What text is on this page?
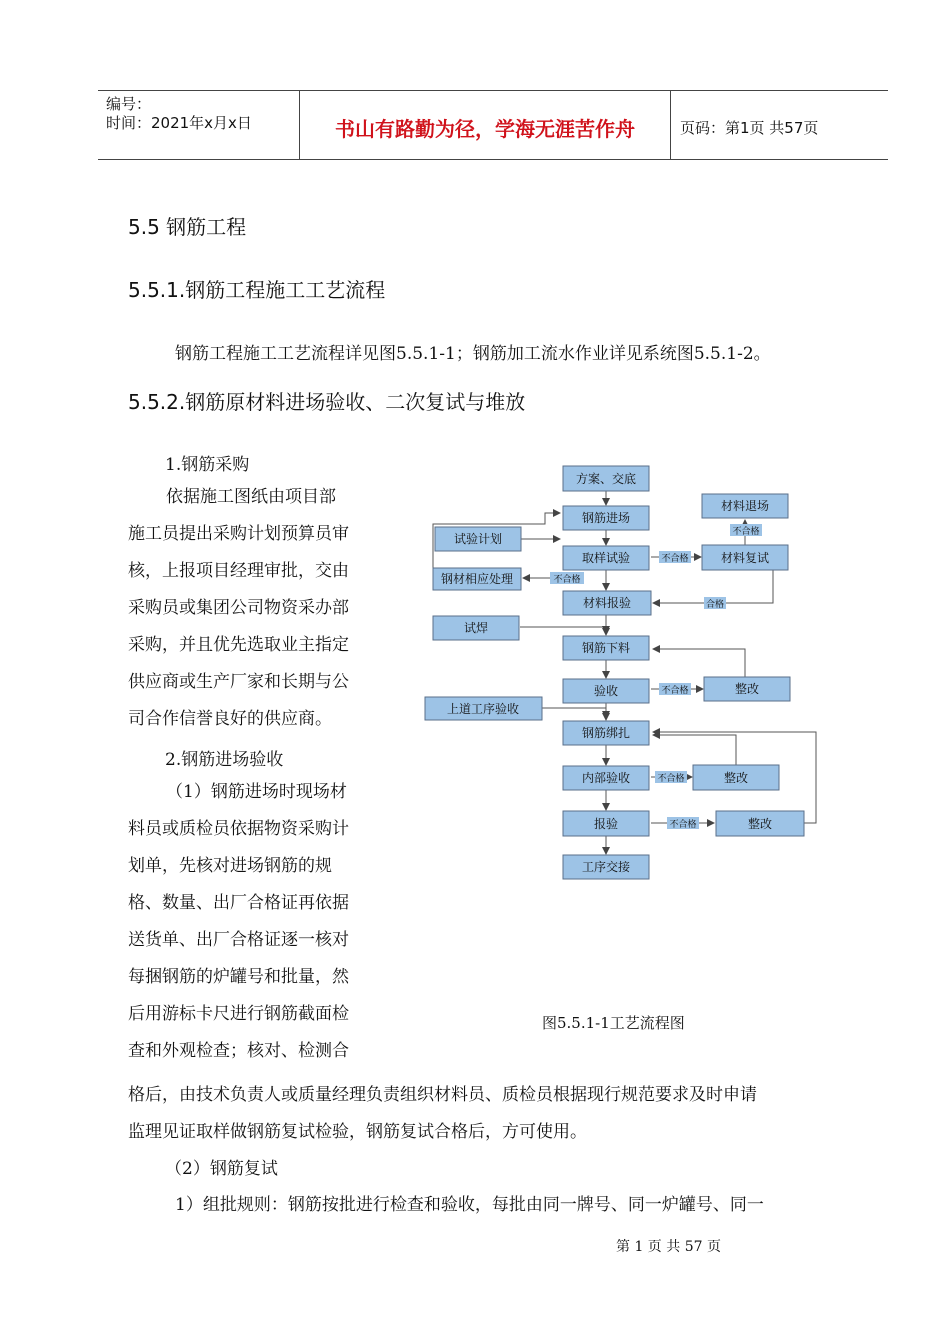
编号：
时间：2021年x月x日	书山有路勤为径，学海无涯苦作舟	页码：第1页 共57页
5.5 钢筋工程
5.5.1.钢筋工程施工工艺流程
钢筋工程施工工艺流程详见图5.5.1-1；钢筋加工流水作业详见系统图5.5.1-2。
5.5.2.钢筋原材料进场验收、二次复试与堆放
1.钢筋采购
依据施工图纸由项目部
施工员提出采购计划预算员审
核，上报项目经理审批，交由
采购员或集团公司物资采办部
采购，并且优先选取业主指定
供应商或生产厂家和长期与公
司合作信誉良好的供应商。
2.钢筋进场验收
（1）钢筋进场时现场材
料员或质检员依据物资采购计
划单，先核对进场钢筋的规
格、数量、出厂合格证再依据
送货单、出厂合格证逐一核对
每捆钢筋的炉罐号和批量，然
后用游标卡尺进行钢筋截面检
查和外观检查；核对、检测合
格后，由技术负责人或质量经理负责组织材料员、质检员根据现行规范要求及时申请
监理见证取样做钢筋复试检验，钢筋复试合格后，方可使用。
（2）钢筋复试
1）组批规则：钢筋按批进行检查和验收，每批由同一牌号、同一炉罐号、同一
方案、交底
钢筋进场
材料退场
试验计划
取样试验	材料复试
钢材相应处理
材料报验
试焊
钢筋下料
验收	整改
上道工序验收
钢筋绑扎
内部验收	整改
报验	整改
工序交接
不合格
不合格
合格
不合格
不合格
不合格
不合格
图5.5.1-1工艺流程图
第 1 页 共 57 页
